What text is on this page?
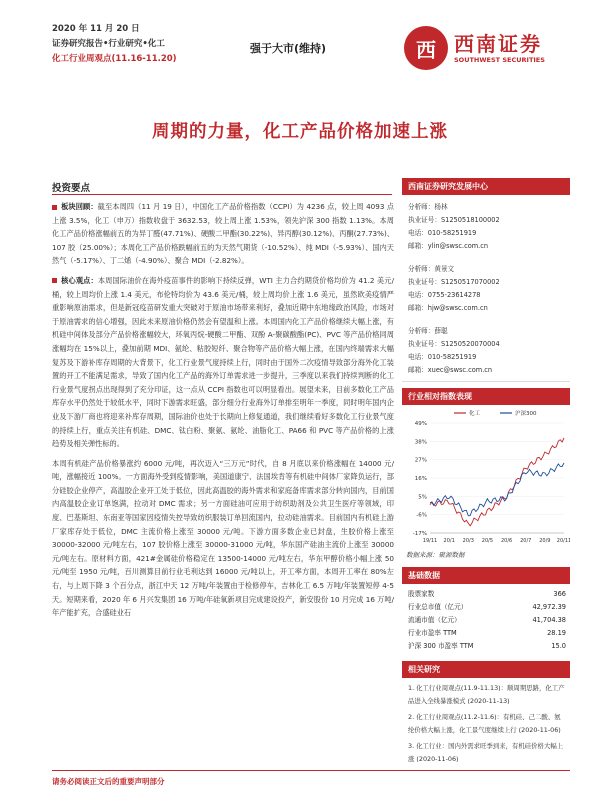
2020 年 11 月 20 日
证券研究报告•行业研究•化工
化工行业周观点(11.16-11.20)
强于大市(维持)	西 西南证券
SOUTHWEST SECURITIES
周期的力量，化工产品价格加速上涨
投资要点

板块回顾：截至本周四（11 月 19 日），中国化工产品价格指数（CCPI）为 4236 点，较上周 4093 点上涨 3.5%，化工（申万）指数收盘于 3632.53，较上周上涨 1.53%，领先沪深 300 指数 1.13%。本周化工产品价格涨幅前五的为异丁醛(47.71%)、硬酸二甲酯(30.22%)、异丙醇(30.12%)、丙酮(27.73%)、107 胶（25.00%）；本周化工产品价格跌幅前五的为天然气期货（-10.52%）、纯 MDI（-5.93%）、国内天然气（-5.17%）、丁二烯（-4.90%）、聚合 MDI（-2.82%）。

核心观点：本周国际油价在海外疫苗事件的影响下持续反弹，WTI 主力合约期货价格均价为 41.2 美元/桶，较上周均价上涨 1.4 美元，布伦特均价为 43.6 美元/桶，较上周均价上涨 1.6 美元，虽然欧美疫情严重影响原油需求，但是新冠疫苗研发重大突破对于原油市场带来利好，叠加近期中东地缘政治风险，市场对于原油需求的信心增强，因此未来原油价格仍然会有望温和上涨。本周国内化工产品价格继续大幅上涨，有机硅中间体及部分产品价格涨幅较大，环氧丙烷-硬酸二甲酯、双酚 A-聚碳酸酯(PC)、PVC 等产品价格同周涨幅均在 15%以上，叠加前期 MDI、氨纶、粘胶短纤、聚合物等产品价格大幅上涨，在国内终端需求大幅复苏及下游补库存周期的大背景下，化工行业景气度持续上行，同时由于国外二次疫情导致部分海外化工装置的开工不能满足需求，导致了国内化工产品的海外订单需求进一步提升，三季度以来我们持续判断的化工行业景气度拐点出现得到了充分印证，这一点从 CCPI 指数也可以明显看出。展望未来，目前多数化工产品库存水平仍然处于较低水平，同时下游需求旺盛，部分细分行业海外订单排至明年一季度，同时明年国内企业及下游厂商也将迎来补库存周期，国际油价也处于长期向上修复通道，我们继续看好多数化工行业景气度的持续上行，重点关注有机硅、DMC、钛白粉、聚氨、氨纶、油脂化工、PA66 和 PVC 等产品价格的上涨趋势及相关弹性标的。

本周有机硅产品价格暴涨约 6000 元/吨，再次迈入“三万元”时代，自 8 月底以来价格涨幅在 14000 元/吨，涨幅接近 100%。一方面海外受到疫情影响，美国道康宁、法国埃肯等有机硅中间体厂家降负运行，部分硅胶企业停产，高温胶企业开工处于低位，因此高温胶的海外需求和家庭备库需求部分转向国内，目前国内高温胶企业订单饱满，拉动对 DMC 需求；另一方面硅油可应用于纺织助剂及公共卫生医疗等领域，印度、巴基斯坦、东南亚等国家因疫情失控导致纺织服装订单回流国内，拉动硅油需求。目前国内有机硅上游厂家库存处于低位，DMC 主流价格上涨至 30000 元/吨。下游方面多数企业已封盘，生胶价格上涨至 30000-32000 元/吨左右，107 胶价格上涨至 30000-31000 元/吨，华东国产硅油主流价上涨至 30000 元/吨左右。原材料方面，421#金属硅价格稳定在 13500-14000 元/吨左右，华东甲醇价格小幅上涨 50 元/吨至 1950 元/吨，百川测算目前行业毛利达到 16000 元/吨以上，开工率方面，本周开工率在 80%左右，与上周下降 3 个百分点，浙江中天 12 万吨/年装置由于检修停车，吉林化工 6.5 万吨/年装置短停 4-5 天。短期来看，2020 年 6 月兴发集团 16 万吨/年硅氧新项目完成建设投产，新安股份 10 月完成 16 万吨/年产能扩充，合盛硅业石

西南证券研究发展中心
分析师：杨林
执业证号：S1250518100002
电话：010-58251919
邮箱：ylin@swsc.com.cn
分析师：黄景文
执业证号：S1250517070002
电话：0755-23614278
邮箱：hjw@swsc.com.cn
分析师：薛聪
执业证号：S1250520070004
电话：010-58251919
邮箱：xuec@swsc.com.cn
行业相对指数表现
49%
38%
27%
16%
5%
-6%
-17%
19/11 20/1 20/3 20/5 20/6 20/7 20/9 20/11
化工	沪深300
数据来源：聚源数据
基础数据
股票家数	366
行业总市值（亿元）	42,972.39
流通市值（亿元）	41,704.38
行业市盈率 TTM	28.19
沪深 300 市盈率 TTM	15.0
相关研究
1. 化工行业周观点(11.9-11.13)：顺周期思路，化工产品进入全线暴涨模式 (2020-11-13)
2. 化工行业周观点(11.2-11.6)：有机硅、己二酸、氨纶价格大幅上涨，化工景气度继续上行 (2020-11-06)
3. 化工行业：国内外需求旺季到来，有机硅价格大幅上涨 (2020-11-06)
请务必阅读正文后的重要声明部分
